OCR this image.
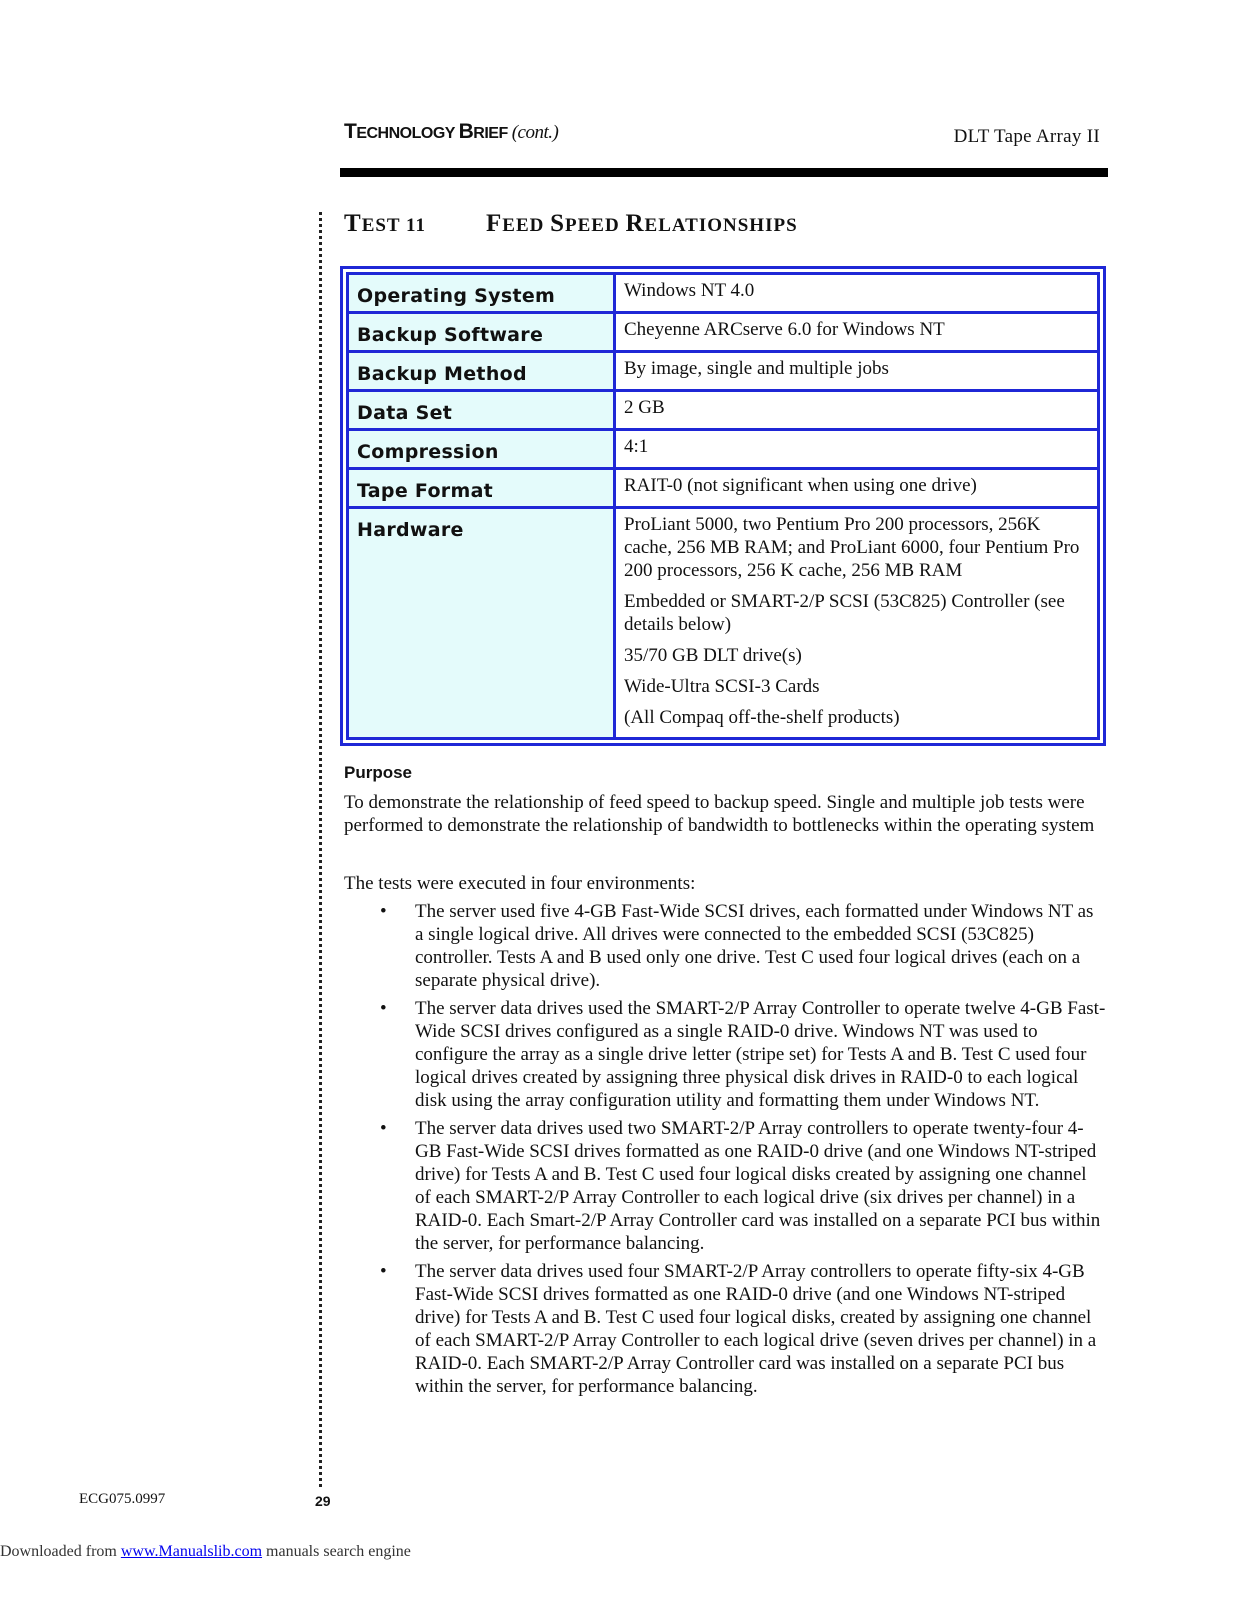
TECHNOLOGY BRIEF (cont.)	DLT Tape Array II
TEST 11 FEED SPEED RELATIONSHIPS
Operating System	Windows NT 4.0

Backup Software	Cheyenne ARCserve 6.0 for Windows NT

Backup Method	By image, single and multiple jobs

Data Set	2 GB

Compression	4:1

Tape Format	RAIT-0 (not significant when using one drive)

Hardware	ProLiant 5000, two Pentium Pro 200 processors, 256K cache, 256 MB RAM; and ProLiant 6000, four Pentium Pro 200 processors, 256 K cache, 256 MB RAM

Embedded or SMART-2/P SCSI (53C825) Controller (see details below)

35/70 GB DLT drive(s)

Wide-Ultra SCSI-3 Cards

(All Compaq off-the-shelf products)

Purpose

To demonstrate the relationship of feed speed to backup speed. Single and multiple job tests were performed to demonstrate the relationship of bandwidth to bottlenecks within the operating system

The tests were executed in four environments:

• The server used five 4-GB Fast-Wide SCSI drives, each formatted under Windows NT as a single logical drive. All drives were connected to the embedded SCSI (53C825) controller. Tests A and B used only one drive. Test C used four logical drives (each on a separate physical drive).
• The server data drives used the SMART-2/P Array Controller to operate twelve 4-GB Fast-Wide SCSI drives configured as a single RAID-0 drive. Windows NT was used to configure the array as a single drive letter (stripe set) for Tests A and B. Test C used four logical drives created by assigning three physical disk drives in RAID-0 to each logical disk using the array configuration utility and formatting them under Windows NT.
• The server data drives used two SMART-2/P Array controllers to operate twenty-four 4-GB Fast-Wide SCSI drives formatted as one RAID-0 drive (and one Windows NT-striped drive) for Tests A and B. Test C used four logical disks created by assigning one channel of each SMART-2/P Array Controller to each logical drive (six drives per channel) in a RAID-0. Each Smart-2/P Array Controller card was installed on a separate PCI bus within the server, for performance balancing.
• The server data drives used four SMART-2/P Array controllers to operate fifty-six 4-GB Fast-Wide SCSI drives formatted as one RAID-0 drive (and one Windows NT-striped drive) for Tests A and B. Test C used four logical disks, created by assigning one channel of each SMART-2/P Array Controller to each logical drive (seven drives per channel) in a RAID-0. Each SMART-2/P Array Controller card was installed on a separate PCI bus within the server, for performance balancing.
ECG075.0997	29
Downloaded from www.Manualslib.com manuals search engine
